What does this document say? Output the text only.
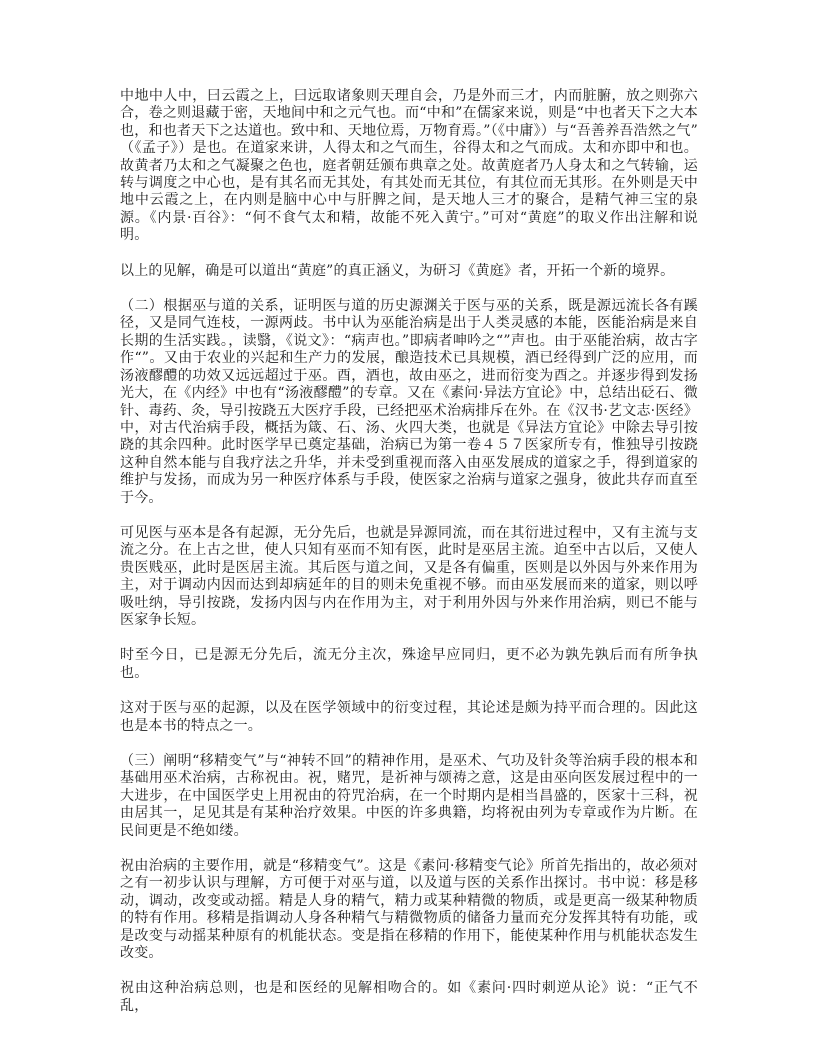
中地中人中，曰云霞之上，曰远取诸象则天理自会，乃是外而三才，内而脏腑，放之则弥六合，卷之则退藏于密，天地间中和之元气也。而“中和”在儒家来说，则是“中也者天下之大本也，和也者天下之达道也。致中和、天地位焉，万物育焉。”（《中庸》）与“吾善养吾浩然之气”（《孟子》）是也。在道家来讲，人得太和之气而生，谷得太和之气而成。太和亦即中和也。故黄者乃太和之气凝聚之色也，庭者朝廷颁布典章之处。故黄庭者乃人身太和之气转输，运转与调度之中心也，是有其名而无其处，有其处而无其位，有其位而无其形。在外则是天中地中云霞之上，在内则是脑中心中与肝脾之间，是天地人三才的聚合，是精气神三宝的泉源。《内景·百谷》：“何不食气太和精，故能不死入黄宁。”可对“黄庭”的取义作出注解和说明。

以上的见解，确是可以道出“黄庭”的真正涵义，为研习《黄庭》者，开拓一个新的境界。

（二）根据巫与道的关系，证明医与道的历史源渊关于医与巫的关系，既是源远流长各有蹊径，又是同气连枝，一源两歧。书中认为巫能治病是出于人类灵感的本能，医能治病是来自长期的生活实践。，读翳，《说文》：“病声也。”即病者呻吟之“”声也。由于巫能治病，故古字作“”。又由于农业的兴起和生产力的发展，酿造技术已具规模，酒已经得到广泛的应用，而汤液醪醴的功效又远远超过于巫。酉，酒也，故由巫之，进而衍变为酉之。并逐步得到发扬光大，在《内经》中也有“汤液醪醴”的专章。又在《素问·异法方宜论》中，总结出砭石、微针、毒药、灸，导引按跷五大医疗手段，已经把巫术治病排斥在外。在《汉书·艺文志·医经》中，对古代治病手段，概括为箴、石、汤、火四大类，也就是《异法方宜论》中除去导引按跷的其余四种。此时医学早已奠定基础，治病已为第一卷４５７医家所专有，惟独导引按跷这种自然本能与自我疗法之升华，并未受到重视而落入由巫发展成的道家之手，得到道家的维护与发扬，而成为另一种医疗体系与手段，使医家之治病与道家之强身，彼此共存而直至于今。

可见医与巫本是各有起源，无分先后，也就是异源同流，而在其衍进过程中，又有主流与支流之分。在上古之世，使人只知有巫而不知有医，此时是巫居主流。迫至中古以后，又使人贵医贱巫，此时是医居主流。其后医与道之间，又是各有偏重，医则是以外因与外来作用为主，对于调动内因而达到却病延年的目的则未免重视不够。而由巫发展而来的道家，则以呼吸吐纳，导引按跷，发扬内因与内在作用为主，对于利用外因与外来作用治病，则已不能与医家争长短。

时至今日，已是源无分先后，流无分主次，殊途早应同归，更不必为孰先孰后而有所争执也。

这对于医与巫的起源，以及在医学领域中的衍变过程，其论述是颇为持平而合理的。因此这也是本书的特点之一。

（三）阐明“移精变气”与“神转不回”的精神作用，是巫术、气功及针灸等治病手段的根本和基础用巫术治病，古称祝由。祝，赌咒，是祈神与颂祷之意，这是由巫向医发展过程中的一大进步，在中国医学史上用祝由的符咒治病，在一个时期内是相当昌盛的，医家十三科，祝由居其一，足见其是有某种治疗效果。中医的许多典籍，均将祝由列为专章或作为片断。在民间更是不绝如缕。

祝由治病的主要作用，就是“移精变气”。这是《素问·移精变气论》所首先指出的，故必须对之有一初步认识与理解，方可便于对巫与道，以及道与医的关系作出探讨。书中说：移是移动，调动，改变或动摇。精是人身的精气，精力或某种精微的物质，或是更高一级某种物质的特有作用。移精是指调动人身各种精气与精微物质的储备力量而充分发挥其特有功能，或是改变与动摇某种原有的机能状态。变是指在移精的作用下，能使某种作用与机能状态发生改变。

祝由这种治病总则，也是和医经的见解相吻合的。如《素问·四时刺逆从论》说：“正气不乱，
